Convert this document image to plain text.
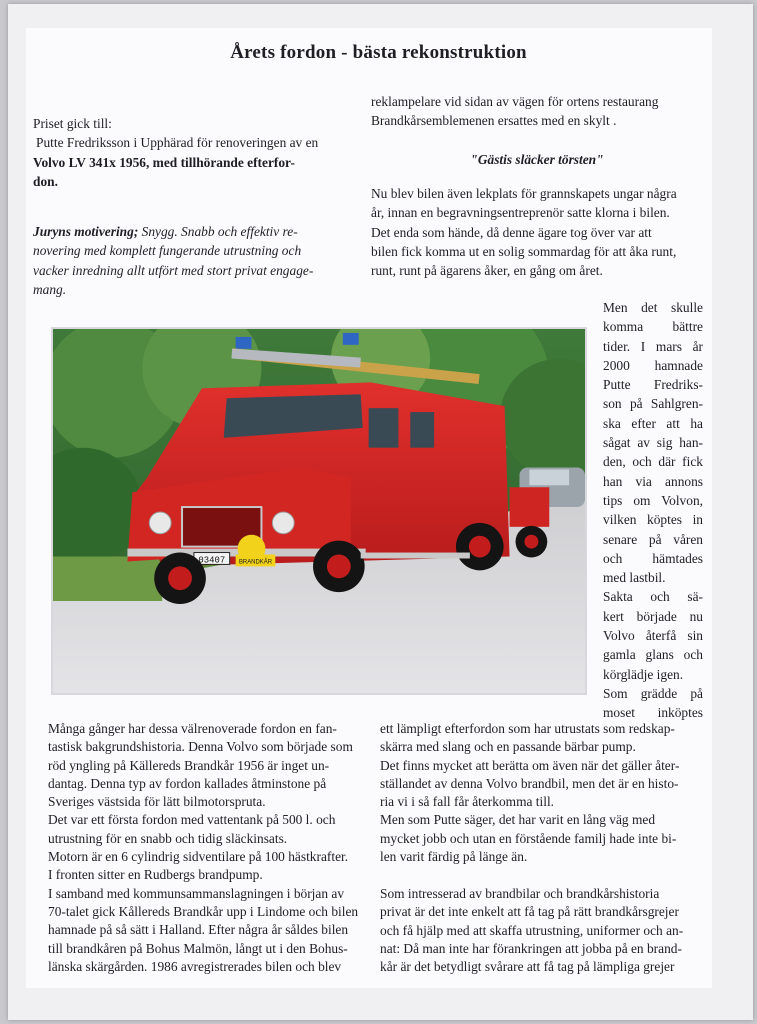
Årets fordon - bästa rekonstruktion
Priset gick till:
Putte Fredriksson i Upphärad för renoveringen av en
Volvo LV 341x 1956, med tillhörande efterfor-
don.
Juryns motivering; Snygg. Snabb och effektiv re-
novering med komplett fungerande utrustning och
vacker inredning allt utfört med stort privat engage-
mang.
reklampelare vid sidan av vägen för ortens restaurang
Brandkårsemblemenen ersattes med en skylt .
"Gästis släcker törsten"
Nu blev bilen även lekplats för grannskapets ungar några
år, innan en begravningsentreprenör satte klorna i bilen.
Det enda som hände, då denne ägare tog över var att
bilen fick komma ut en solig sommardag för att åka runt,
runt, runt på ägarens åker, en gång om året.
03407 BRANDKÅR
Men det skulle
komma bättre
tider. I mars år
2000 hamnade
Putte Fredriks-
son på Sahlgren-
ska efter att ha
sågat av sig han-
den, och där fick
han via annons
tips om Volvon,
vilken köptes in
senare på våren
och hämtades
med lastbil.
Sakta och sä-
kert började nu
Volvo återfå sin
gamla glans och
körglädje igen.
Som grädde på
moset inköptes
Många gånger har dessa välrenoverade fordon en fan-
tastisk bakgrundshistoria. Denna Volvo som började som
röd yngling på Källereds Brandkår 1956 är inget un-
dantag. Denna typ av fordon kallades åtminstone på
Sveriges västsida för lätt bilmotorspruta.
Det var ett första fordon med vattentank på 500 l. och
utrustning för en snabb och tidig släckinsats.
Motorn är en 6 cylindrig sidventilare på 100 hästkrafter.
I fronten sitter en Rudbergs brandpump.
I samband med kommunsammanslagningen i början av
70-talet gick Kållereds Brandkår upp i Lindome och bilen
hamnade på så sätt i Halland. Efter några år såldes bilen
till brandkåren på Bohus Malmön, långt ut i den Bohus-
länska skärgården. 1986 avregistrerades bilen och blev
ett lämpligt efterfordon som har utrustats som redskap-
skärra med slang och en passande bärbar pump.
Det finns mycket att berätta om även när det gäller åter-
ställandet av denna Volvo brandbil, men det är en histo-
ria vi i så fall får återkomma till.
Men som Putte säger, det har varit en lång väg med
mycket jobb och utan en förstående familj hade inte bi-
len varit färdig på länge än.
Som intresserad av brandbilar och brandkårshistoria
privat är det inte enkelt att få tag på rätt brandkårsgrejer
och få hjälp med att skaffa utrustning, uniformer och an-
nat: Då man inte har förankringen att jobba på en brand-
kår är det betydligt svårare att få tag på lämpliga grejer
